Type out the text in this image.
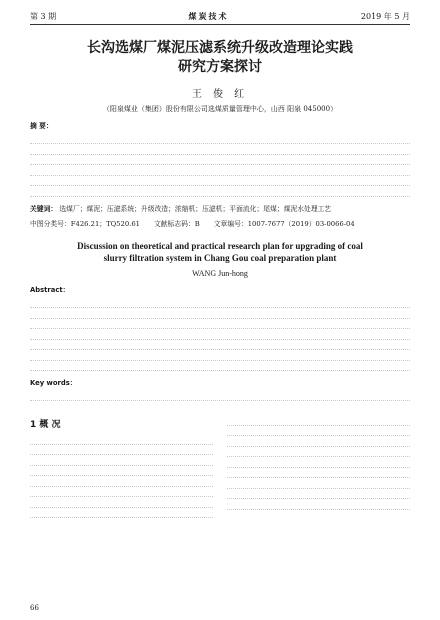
第 3 期	煤炭技术	2019 年 5 月
长沟选煤厂煤泥压滤系统升级改造理论实践
研究方案探讨
王 俊 红
（阳泉煤业（集团）股份有限公司选煤质量管理中心，山西 阳泉 045000）
摘 要：
关键词： 选煤厂；煤泥；压滤系统；升级改造；浓缩机；压滤机；平面流化；尾煤；煤泥水处理工艺
中图分类号：F426.21；TQ520.61 文献标志码：B 文章编号：1007-7677（2019）03-0066-04
Discussion on theoretical and practical research plan for upgrading of coal
slurry filtration system in Chang Gou coal preparation plant
WANG Jun-hong
Abstract：
Key words：
1 概 况
66
